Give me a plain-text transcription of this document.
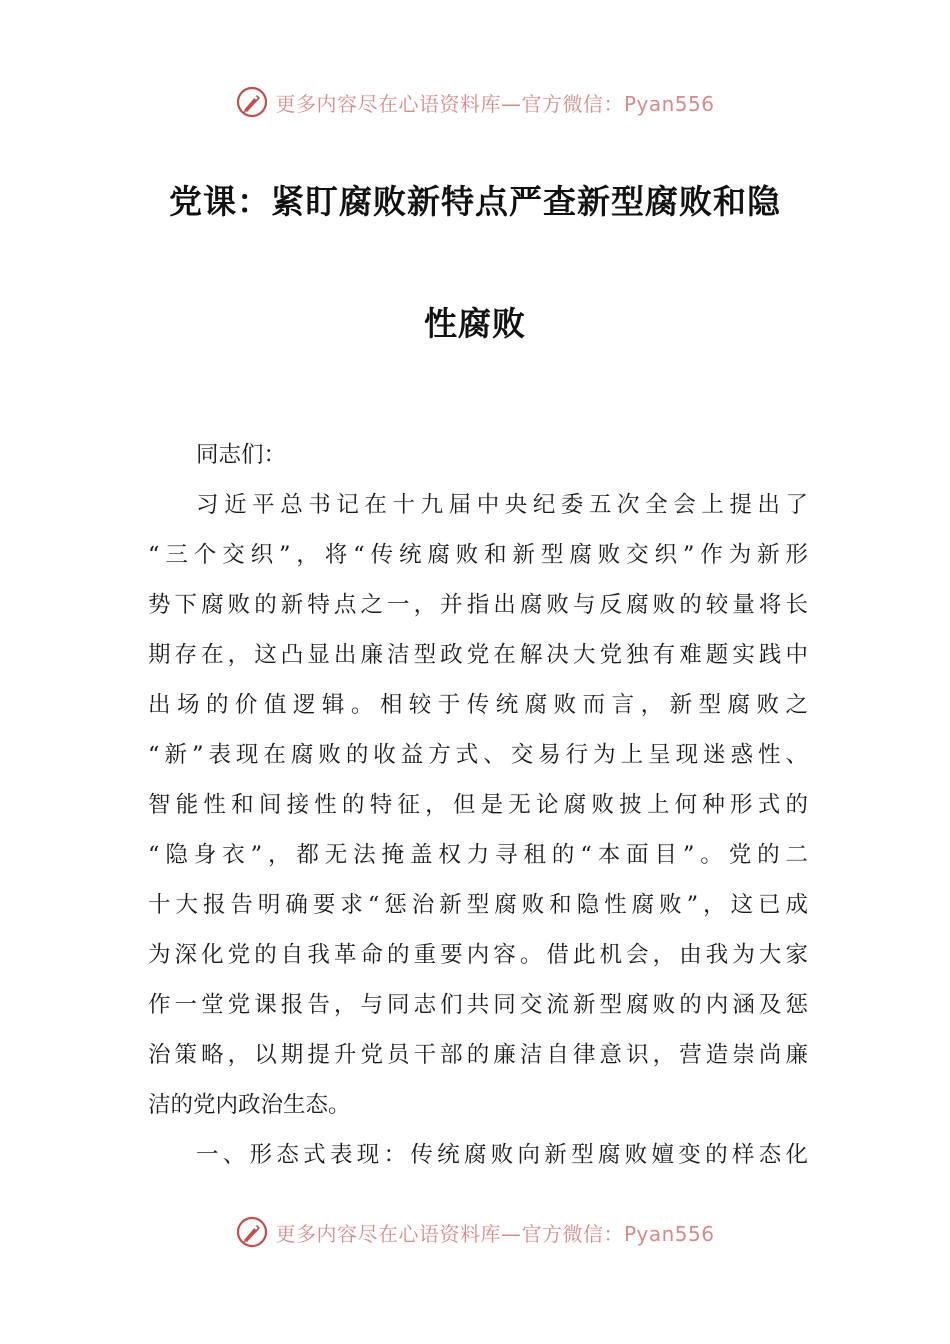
更多内容尽在心语资料库—官方微信：Pyan556
党课：紧盯腐败新特点严查新型腐败和隐
性腐败
同志们：
习近平总书记在十九届中央纪委五次全会上提出了
“三个交织”，将“传统腐败和新型腐败交织”作为新形
势下腐败的新特点之一，并指出腐败与反腐败的较量将长
期存在，这凸显出廉洁型政党在解决大党独有难题实践中
出场的价值逻辑。相较于传统腐败而言，新型腐败之
“新”表现在腐败的收益方式、交易行为上呈现迷惑性、
智能性和间接性的特征，但是无论腐败披上何种形式的
“隐身衣”，都无法掩盖权力寻租的“本面目”。党的二
十大报告明确要求“惩治新型腐败和隐性腐败”，这已成
为深化党的自我革命的重要内容。借此机会，由我为大家
作一堂党课报告，与同志们共同交流新型腐败的内涵及惩
治策略，以期提升党员干部的廉洁自律意识，营造崇尚廉
洁的党内政治生态。
一、形态式表现：传统腐败向新型腐败嬗变的样态化
更多内容尽在心语资料库—官方微信：Pyan556
